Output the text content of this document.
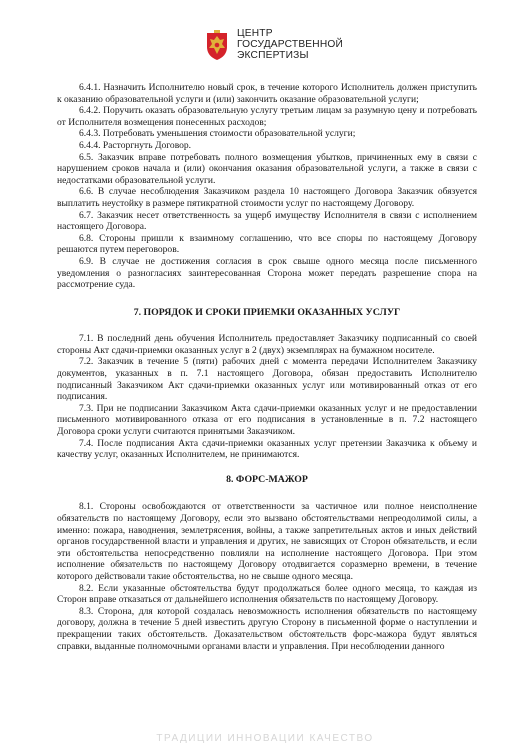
ЦЕНТР
ГОСУДАРСТВЕННОЙ
ЭКСПЕРТИЗЫ

6.4.1. Назначить Исполнителю новый срок, в течение которого Исполнитель должен приступить к оказанию образовательной услуги и (или) закончить оказание образовательной услуги;

6.4.2. Поручить оказать образовательную услугу третьим лицам за разумную цену и потребовать от Исполнителя возмещения понесенных расходов;

6.4.3. Потребовать уменьшения стоимости образовательной услуги;

6.4.4. Расторгнуть Договор.

6.5. Заказчик вправе потребовать полного возмещения убытков, причиненных ему в связи с нарушением сроков начала и (или) окончания оказания образовательной услуги, а также в связи с недостатками образовательной услуги.

6.6. В случае несоблюдения Заказчиком раздела 10 настоящего Договора Заказчик обязуется выплатить неустойку в размере пятикратной стоимости услуг по настоящему Договору.

6.7. Заказчик несет ответственность за ущерб имуществу Исполнителя в связи с исполнением настоящего Договора.

6.8. Стороны пришли к взаимному соглашению, что все споры по настоящему Договору решаются путем переговоров.

6.9. В случае не достижения согласия в срок свыше одного месяца после письменного уведомления о разногласиях заинтересованная Сторона может передать разрешение спора на рассмотрение суда.

7. ПОРЯДОК И СРОКИ ПРИЕМКИ ОКАЗАННЫХ УСЛУГ

7.1. В последний день обучения Исполнитель предоставляет Заказчику подписанный со своей стороны Акт сдачи-приемки оказанных услуг в 2 (двух) экземплярах на бумажном носителе.

7.2. Заказчик в течение 5 (пяти) рабочих дней с момента передачи Исполнителем Заказчику документов, указанных в п. 7.1 настоящего Договора, обязан предоставить Исполнителю подписанный Заказчиком Акт сдачи-приемки оказанных услуг или мотивированный отказ от его подписания.

7.3. При не подписании Заказчиком Акта сдачи-приемки оказанных услуг и не предоставлении письменного мотивированного отказа от его подписания в установленные в п. 7.2 настоящего Договора сроки услуги считаются принятыми Заказчиком.

7.4. После подписания Акта сдачи-приемки оказанных услуг претензии Заказчика к объему и качеству услуг, оказанных Исполнителем, не принимаются.

8. ФОРС-МАЖОР

8.1. Стороны освобождаются от ответственности за частичное или полное неисполнение обязательств по настоящему Договору, если это вызвано обстоятельствами непреодолимой силы, а именно: пожара, наводнения, землетрясения, войны, а также запретительных актов и иных действий органов государственной власти и управления и других, не зависящих от Сторон обязательств, и если эти обстоятельства непосредственно повлияли на исполнение настоящего Договора. При этом исполнение обязательств по настоящему Договору отодвигается соразмерно времени, в течение которого действовали такие обстоятельства, но не свыше одного месяца.

8.2. Если указанные обстоятельства будут продолжаться более одного месяца, то каждая из Сторон вправе отказаться от дальнейшего исполнения обязательств по настоящему Договору.

8.3. Сторона, для которой создалась невозможность исполнения обязательств по настоящему договору, должна в течение 5 дней известить другую Сторону в письменной форме о наступлении и прекращении таких обстоятельств. Доказательством обстоятельств форс-мажора будут являться справки, выданные полномочными органами власти и управления. При несоблюдении данного

ТРАДИЦИИ ИННОВАЦИИ КАЧЕСТВО
